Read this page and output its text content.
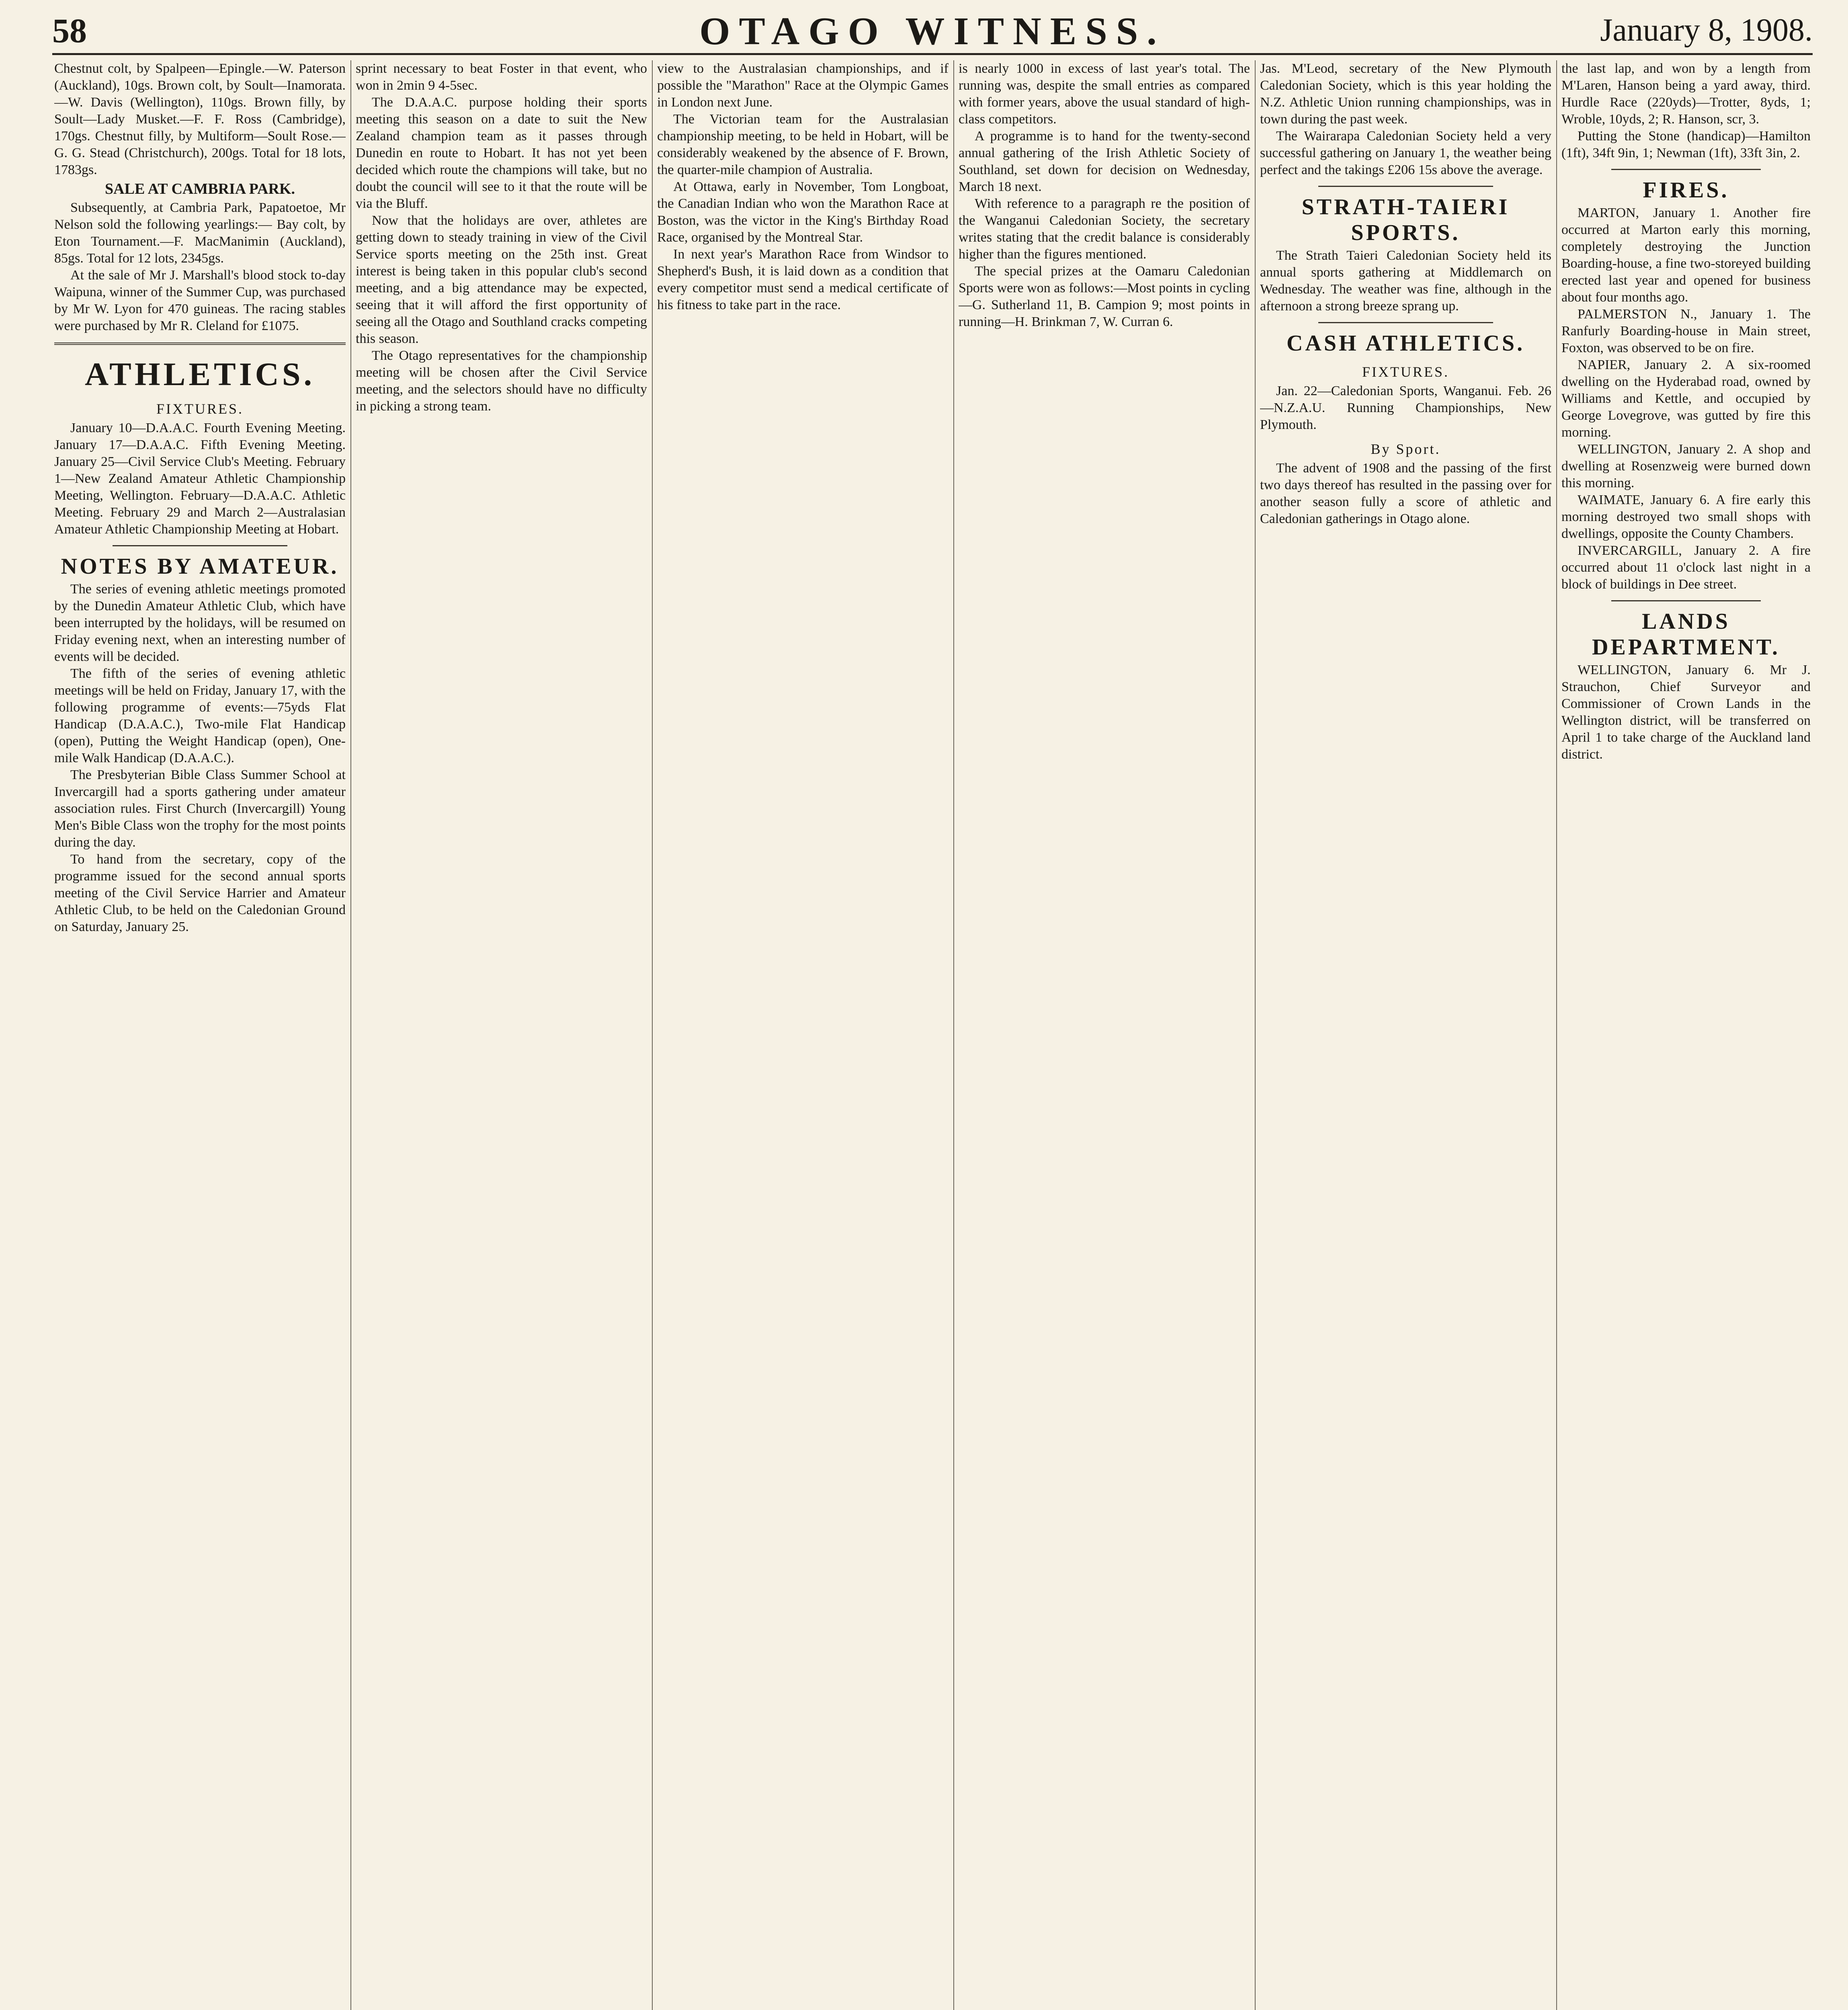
58	OTAGO WITNESS.	January 8, 1908.

Chestnut colt, by Spalpeen—Epingle.—W. Paterson (Auckland), 10gs. Brown colt, by Soult—Inamorata.—W. Davis (Wellington), 110gs. Brown filly, by Soult—Lady Musket.—F. F. Ross (Cambridge), 170gs. Chestnut filly, by Multiform—Soult Rose.—G. G. Stead (Christchurch), 200gs. Total for 18 lots, 1783gs.

SALE AT CAMBRIA PARK.

Subsequently, at Cambria Park, Papatoetoe, Mr Nelson sold the following yearlings:— Bay colt, by Eton Tournament.—F. MacManimin (Auckland), 85gs. Total for 12 lots, 2345gs.

At the sale of Mr J. Marshall's blood stock to-day Waipuna, winner of the Summer Cup, was purchased by Mr W. Lyon for 470 guineas. The racing stables were purchased by Mr R. Cleland for £1075.

ATHLETICS.
FIXTURES.

January 10—D.A.A.C. Fourth Evening Meeting. January 17—D.A.A.C. Fifth Evening Meeting. January 25—Civil Service Club's Meeting. February 1—New Zealand Amateur Athletic Championship Meeting, Wellington. February—D.A.A.C. Athletic Meeting. February 29 and March 2—Australasian Amateur Athletic Championship Meeting at Hobart.

NOTES BY AMATEUR.

The series of evening athletic meetings promoted by the Dunedin Amateur Athletic Club, which have been interrupted by the holidays, will be resumed on Friday evening next, when an interesting number of events will be decided.

The fifth of the series of evening athletic meetings will be held on Friday, January 17, with the following programme of events:—75yds Flat Handicap (D.A.A.C.), Two-mile Flat Handicap (open), Putting the Weight Handicap (open), One-mile Walk Handicap (D.A.A.C.).

The Presbyterian Bible Class Summer School at Invercargill had a sports gathering under amateur association rules. First Church (Invercargill) Young Men's Bible Class won the trophy for the most points during the day.

To hand from the secretary, copy of the programme issued for the second annual sports meeting of the Civil Service Harrier and Amateur Athletic Club, to be held on the Caledonian Ground on Saturday, January 25.

sprint necessary to beat Foster in that event, who won in 2min 9 4-5sec.

The D.A.A.C. purpose holding their sports meeting this season on a date to suit the New Zealand champion team as it passes through Dunedin en route to Hobart. It has not yet been decided which route the champions will take, but no doubt the council will see to it that the route will be via the Bluff.

Now that the holidays are over, athletes are getting down to steady training in view of the Civil Service sports meeting on the 25th inst. Great interest is being taken in this popular club's second meeting, and a big attendance may be expected, seeing that it will afford the first opportunity of seeing all the Otago and Southland cracks competing this season.

The Otago representatives for the championship meeting will be chosen after the Civil Service meeting, and the selectors should have no difficulty in picking a strong team.

view to the Australasian championships, and if possible the "Marathon" Race at the Olympic Games in London next June.

The Victorian team for the Australasian championship meeting, to be held in Hobart, will be considerably weakened by the absence of F. Brown, the quarter-mile champion of Australia.

At Ottawa, early in November, Tom Longboat, the Canadian Indian who won the Marathon Race at Boston, was the victor in the King's Birthday Road Race, organised by the Montreal Star.

In next year's Marathon Race from Windsor to Shepherd's Bush, it is laid down as a condition that every competitor must send a medical certificate of his fitness to take part in the race.

is nearly 1000 in excess of last year's total. The running was, despite the small entries as compared with former years, above the usual standard of high-class competitors.

A programme is to hand for the twenty-second annual gathering of the Irish Athletic Society of Southland, set down for decision on Wednesday, March 18 next.

With reference to a paragraph re the position of the Wanganui Caledonian Society, the secretary writes stating that the credit balance is considerably higher than the figures mentioned.

The special prizes at the Oamaru Caledonian Sports were won as follows:—Most points in cycling—G. Sutherland 11, B. Campion 9; most points in running—H. Brinkman 7, W. Curran 6.

Jas. M'Leod, secretary of the New Plymouth Caledonian Society, which is this year holding the N.Z. Athletic Union running championships, was in town during the past week.

The Wairarapa Caledonian Society held a very successful gathering on January 1, the weather being perfect and the takings £206 15s above the average.

STRATH-TAIERI SPORTS.

The Strath Taieri Caledonian Society held its annual sports gathering at Middlemarch on Wednesday. The weather was fine, although in the afternoon a strong breeze sprang up.

CASH ATHLETICS.
FIXTURES.

Jan. 22—Caledonian Sports, Wanganui. Feb. 26—N.Z.A.U. Running Championships, New Plymouth.

By Sport.

The advent of 1908 and the passing of the first two days thereof has resulted in the passing over for another season fully a score of athletic and Caledonian gatherings in Otago alone.

the last lap, and won by a length from M'Laren, Hanson being a yard away, third. Hurdle Race (220yds)—Trotter, 8yds, 1; Wroble, 10yds, 2; R. Hanson, scr, 3.

Putting the Stone (handicap)—Hamilton (1ft), 34ft 9in, 1; Newman (1ft), 33ft 3in, 2.

FIRES.

MARTON, January 1. Another fire occurred at Marton early this morning, completely destroying the Junction Boarding-house, a fine two-storeyed building erected last year and opened for business about four months ago.

PALMERSTON N., January 1. The Ranfurly Boarding-house in Main street, Foxton, was observed to be on fire.

NAPIER, January 2. A six-roomed dwelling on the Hyderabad road, owned by Williams and Kettle, and occupied by George Lovegrove, was gutted by fire this morning.

WELLINGTON, January 2. A shop and dwelling at Rosenzweig were burned down this morning.

WAIMATE, January 6. A fire early this morning destroyed two small shops with dwellings, opposite the County Chambers.

INVERCARGILL, January 2. A fire occurred about 11 o'clock last night in a block of buildings in Dee street.

LANDS DEPARTMENT.

WELLINGTON, January 6. Mr J. Strauchon, Chief Surveyor and Commissioner of Crown Lands in the Wellington district, will be transferred on April 1 to take charge of the Auckland land district.
